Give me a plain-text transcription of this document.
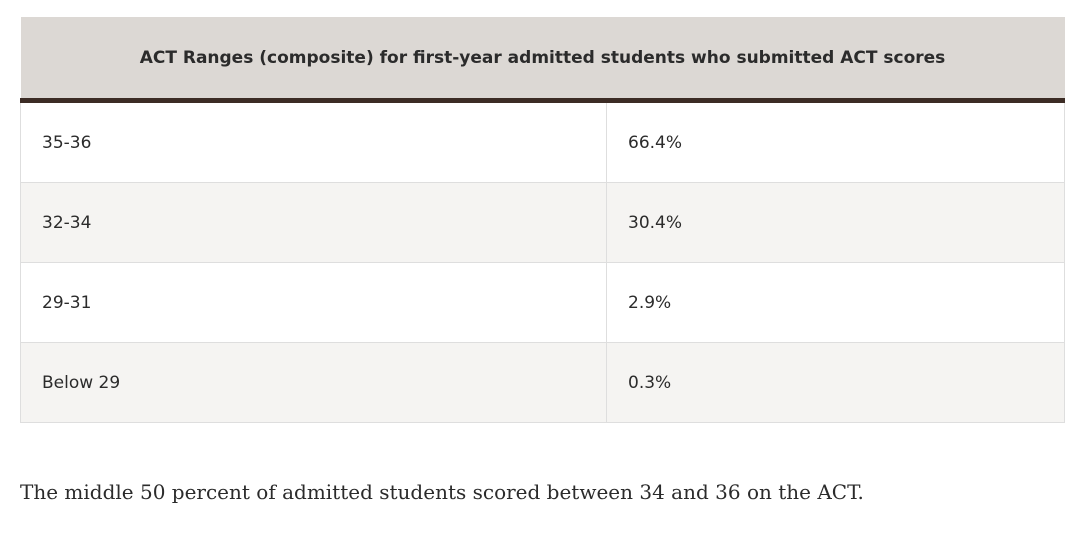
ACT Ranges (composite) for first-year admitted students who submitted ACT scores	
35-36	66.4%
32-34	30.4%
29-31	2.9%
Below 29	0.3%

The middle 50 percent of admitted students scored between 34 and 36 on the ACT.
